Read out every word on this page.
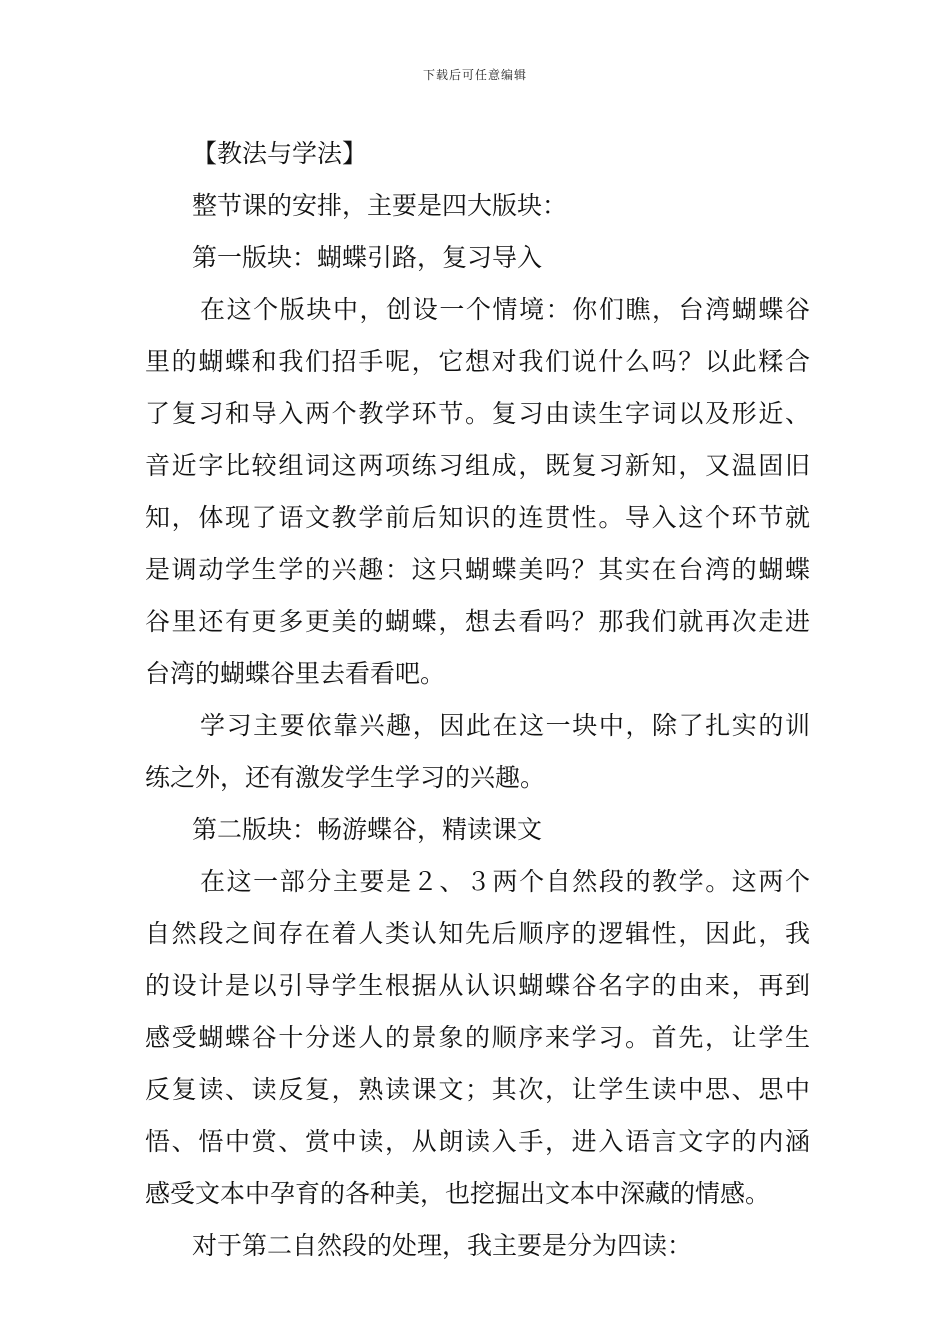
下载后可任意编辑
【教法与学法】
整节课的安排，主要是四大版块：
第一版块：蝴蝶引路，复习导入
在这个版块中，创设一个情境：你们瞧，台湾蝴蝶谷
里的蝴蝶和我们招手呢，它想对我们说什么吗？以此糅合
了复习和导入两个教学环节。复习由读生字词以及形近、
音近字比较组词这两项练习组成，既复习新知，又温固旧
知，体现了语文教学前后知识的连贯性。导入这个环节就
是调动学生学的兴趣：这只蝴蝶美吗？其实在台湾的蝴蝶
谷里还有更多更美的蝴蝶，想去看吗？那我们就再次走进
台湾的蝴蝶谷里去看看吧。
学习主要依靠兴趣，因此在这一块中，除了扎实的训
练之外，还有激发学生学习的兴趣。
第二版块：畅游蝶谷，精读课文
在这一部分主要是２、３两个自然段的教学。这两个
自然段之间存在着人类认知先后顺序的逻辑性，因此，我
的设计是以引导学生根据从认识蝴蝶谷名字的由来，再到
感受蝴蝶谷十分迷人的景象的顺序来学习。首先，让学生
反复读、读反复，熟读课文；其次，让学生读中思、思中
悟、悟中赏、赏中读，从朗读入手，进入语言文字的内涵
感受文本中孕育的各种美，也挖掘出文本中深藏的情感。
对于第二自然段的处理，我主要是分为四读：
